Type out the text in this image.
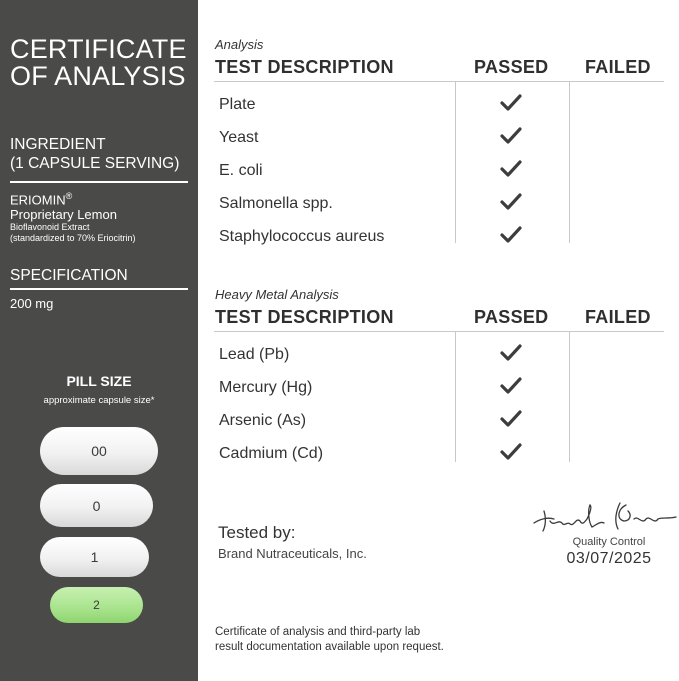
CERTIFICATE
OF ANALYSIS
INGREDIENT
(1 CAPSULE SERVING)
ERIOMIN®
Proprietary Lemon
Bioflavonoid Extract
(standardized to 70% Eriocitrin)
SPECIFICATION
200 mg
PILL SIZE
approximate capsule size*
00
0
1
2
Analysis
TEST DESCRIPTION	PASSED FAILED
Plate
Yeast
E. coli
Salmonella spp.
Staphylococcus aureus
Heavy Metal Analysis
TEST DESCRIPTION	PASSED FAILED
Lead (Pb)
Mercury (Hg)
Arsenic (As)
Cadmium (Cd)
Tested by:
Brand Nutraceuticals, Inc.
Quality Control
03/07/2025
Certificate of analysis and third-party lab
result documentation available upon request.
